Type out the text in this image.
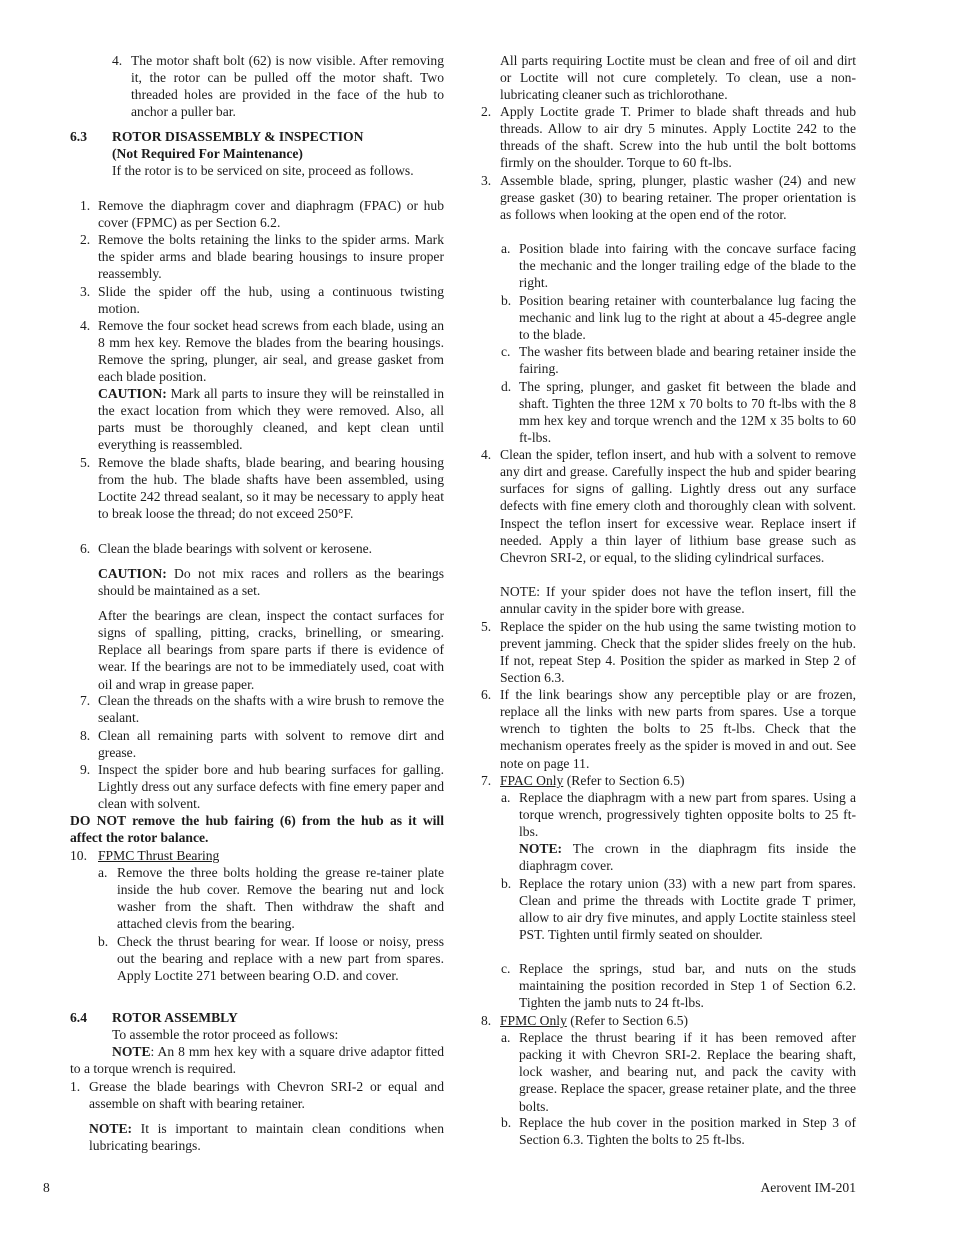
4. The motor shaft bolt (62) is now visible. After removing it, the rotor can be pulled off the motor shaft. Two threaded holes are provided in the face of the hub to anchor a puller bar.
6.3 ROTOR DISASSEMBLY & INSPECTION
(Not Required For Maintenance)
If the rotor is to be serviced on site, proceed as follows.
1. Remove the diaphragm cover and diaphragm (FPAC) or hub cover (FPMC) as per Section 6.2.
2. Remove the bolts retaining the links to the spider arms. Mark the spider arms and blade bearing housings to insure proper reassembly.
3. Slide the spider off the hub, using a continuous twisting motion.
4. Remove the four socket head screws from each blade, using an 8 mm hex key. Remove the blades from the bearing housings. Remove the spring, plunger, air seal, and grease gasket from each blade position.
CAUTION: Mark all parts to insure they will be reinstalled in the exact location from which they were removed. Also, all parts must be thoroughly cleaned, and kept clean until everything is reassembled.
5. Remove the blade shafts, blade bearing, and bearing housing from the hub. The blade shafts have been assembled, using Loctite 242 thread sealant, so it may be necessary to apply heat to break loose the thread; do not exceed 250°F.
6. Clean the blade bearings with solvent or kerosene.
CAUTION: Do not mix races and rollers as the bearings should be maintained as a set.
After the bearings are clean, inspect the contact surfaces for signs of spalling, pitting, cracks, brinelling, or smearing. Replace all bearings from spare parts if there is evidence of wear. If the bearings are not to be immediately used, coat with oil and wrap in grease paper.
7. Clean the threads on the shafts with a wire brush to remove the sealant.
8. Clean all remaining parts with solvent to remove dirt and grease.
9. Inspect the spider bore and hub bearing surfaces for galling. Lightly dress out any surface defects with fine emery paper and clean with solvent.
DO NOT remove the hub fairing (6) from the hub as it will affect the rotor balance.
10. FPMC Thrust Bearing
a. Remove the three bolts holding the grease re-tainer plate inside the hub cover. Remove the bearing nut and lock washer from the shaft. Then withdraw the shaft and attached clevis from the bearing.
b. Check the thrust bearing for wear. If loose or noisy, press out the bearing and replace with a new part from spares. Apply Loctite 271 between bearing O.D. and cover.
6.4 ROTOR ASSEMBLY
To assemble the rotor proceed as follows:
NOTE: An 8 mm hex key with a square drive adaptor fitted to a torque wrench is required.
1. Grease the blade bearings with Chevron SRI-2 or equal and assemble on shaft with bearing retainer.
NOTE: It is important to maintain clean conditions when lubricating bearings.
All parts requiring Loctite must be clean and free of oil and dirt or Loctite will not cure completely. To clean, use a non-lubricating cleaner such as trichlorothane.
2. Apply Loctite grade T. Primer to blade shaft threads and hub threads. Allow to air dry 5 minutes. Apply Loctite 242 to the threads of the shaft. Screw into the hub until the bolt bottoms firmly on the shoulder. Torque to 60 ft-lbs.
3. Assemble blade, spring, plunger, plastic washer (24) and new grease gasket (30) to bearing retainer. The proper orientation is as follows when looking at the open end of the rotor.
a. Position blade into fairing with the concave surface facing the mechanic and the longer trailing edge of the blade to the right.
b. Position bearing retainer with counterbalance lug facing the mechanic and link lug to the right at about a 45-degree angle to the blade.
c. The washer fits between blade and bearing retainer inside the fairing.
d. The spring, plunger, and gasket fit between the blade and shaft. Tighten the three 12M x 70 bolts to 70 ft-lbs with the 8 mm hex key and torque wrench and the 12M x 35 bolts to 60 ft-lbs.
4. Clean the spider, teflon insert, and hub with a solvent to remove any dirt and grease. Carefully inspect the hub and spider bearing surfaces for signs of galling. Lightly dress out any surface defects with fine emery cloth and thoroughly clean with solvent. Inspect the teflon insert for excessive wear. Replace insert if needed. Apply a thin layer of lithium base grease such as Chevron SRI-2, or equal, to the sliding cylindrical surfaces.
NOTE: If your spider does not have the teflon insert, fill the annular cavity in the spider bore with grease.
5. Replace the spider on the hub using the same twisting motion to prevent jamming. Check that the spider slides freely on the hub. If not, repeat Step 4. Position the spider as marked in Step 2 of Section 6.3.
6. If the link bearings show any perceptible play or are frozen, replace all the links with new parts from spares. Use a torque wrench to tighten the bolts to 25 ft-lbs. Check that the mechanism operates freely as the spider is moved in and out. See note on page 11.
7. FPAC Only (Refer to Section 6.5)
a. Replace the diaphragm with a new part from spares. Using a torque wrench, progressively tighten opposite bolts to 25 ft-lbs.
NOTE: The crown in the diaphragm fits inside the diaphragm cover.
b. Replace the rotary union (33) with a new part from spares. Clean and prime the threads with Loctite grade T primer, allow to air dry five minutes, and apply Loctite stainless steel PST. Tighten until firmly seated on shoulder.
c. Replace the springs, stud bar, and nuts on the studs maintaining the position recorded in Step 1 of Section 6.2. Tighten the jamb nuts to 24 ft-lbs.
8. FPMC Only (Refer to Section 6.5)
a. Replace the thrust bearing if it has been removed after packing it with Chevron SRI-2. Replace the bearing shaft, lock washer, and bearing nut, and pack the cavity with grease. Replace the spacer, grease retainer plate, and the three bolts.
b. Replace the hub cover in the position marked in Step 3 of Section 6.3. Tighten the bolts to 25 ft-lbs.
8	Aerovent IM-201
